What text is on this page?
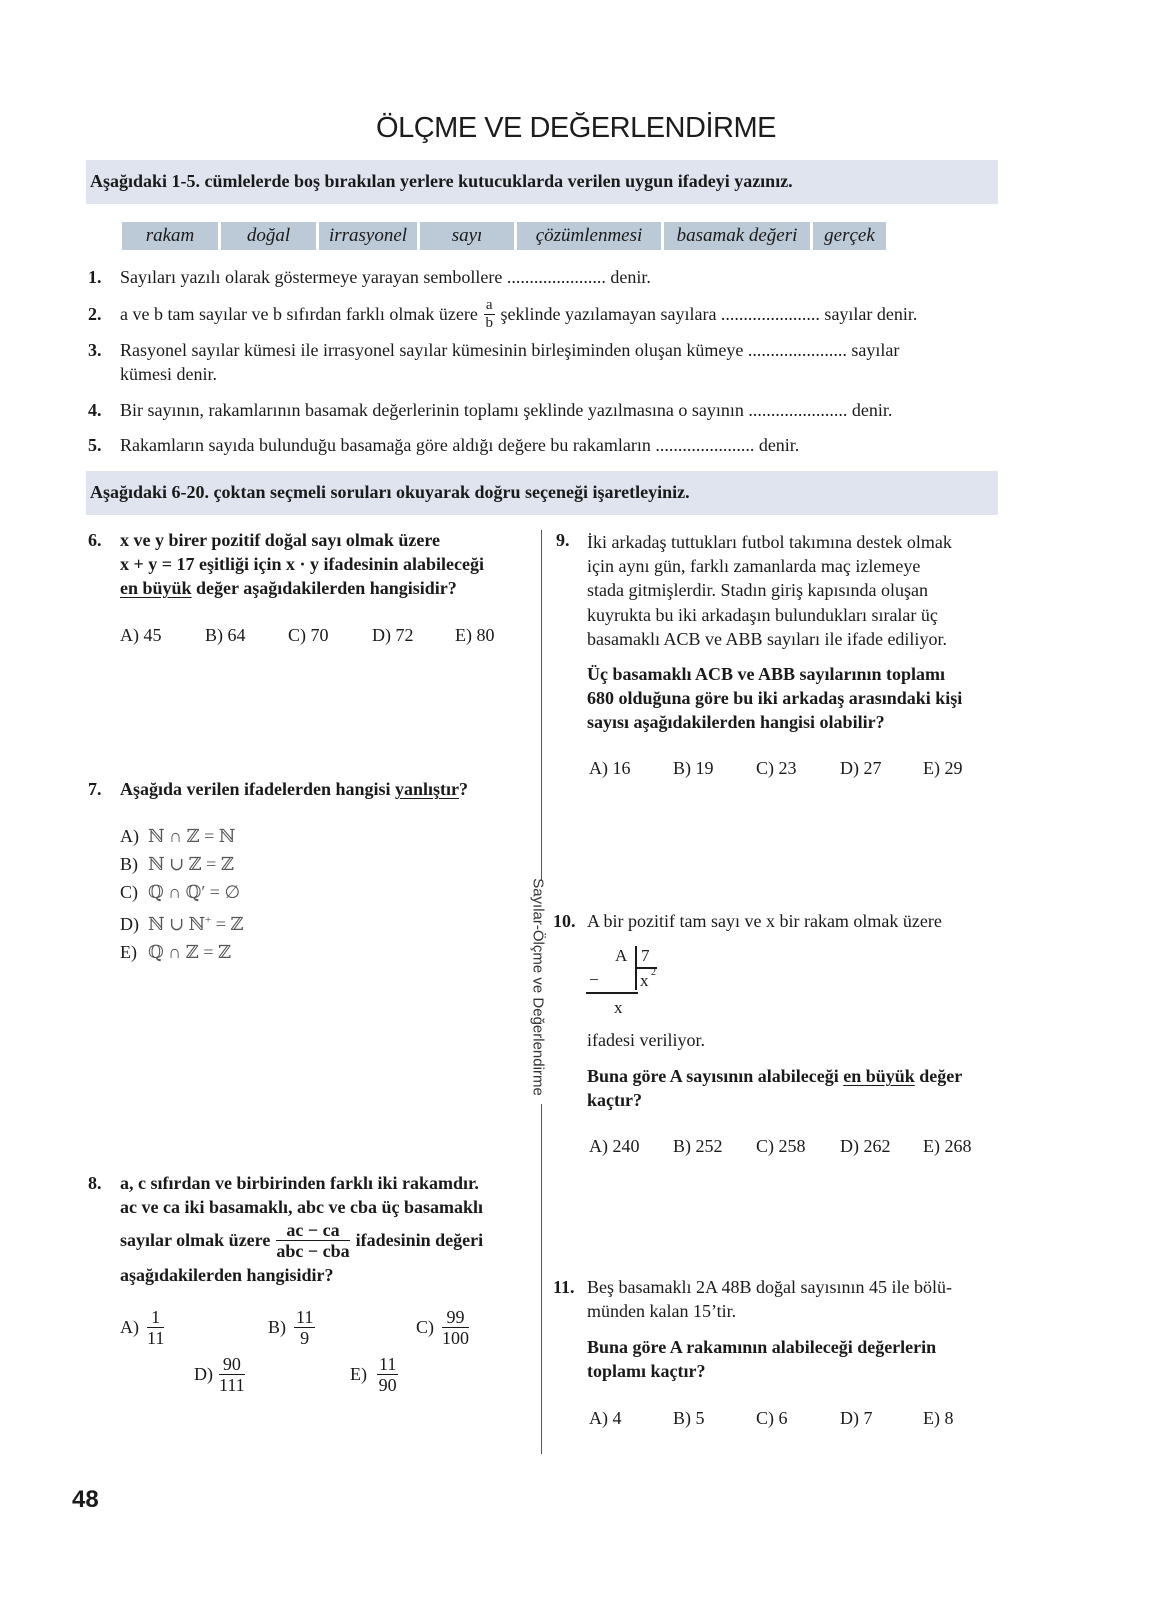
ÖLÇME VE DEĞERLENDİRME
Aşağıdaki 1-5. cümlelerde boş bırakılan yerlere kutucuklarda verilen uygun ifadeyi yazınız.
rakam	doğal	irrasyonel	sayı	çözümlenmesi	basamak değeri	gerçek
1. Sayıları yazılı olarak göstermeye yarayan sembollere ...................... denir.
2. a ve b tam sayılar ve b sıfırdan farklı olmak üzere $\frac{a}{b}$ şeklinde yazılamayan sayılara ...................... sayılar denir.
3. Rasyonel sayılar kümesi ile irrasyonel sayılar kümesinin birleşiminden oluşan kümeye ...................... sayılar
kümesi denir.
4. Bir sayının, rakamlarının basamak değerlerinin toplamı şeklinde yazılmasına o sayının ...................... denir.
5. Rakamların sayıda bulunduğu basamağa göre aldığı değere bu rakamların ...................... denir.
Aşağıdaki 6-20. çoktan seçmeli soruları okuyarak doğru seçeneği işaretleyiniz.
Sayılar-Ölçme ve Değerlendirme
6. x ve y birer pozitif doğal sayı olmak üzere
x + y = 17 eşitliği için x · y ifadesinin alabileceği
en büyük değer aşağıdakilerden hangisidir?
A) 45	B) 64	C) 70	D) 72	E) 80
7. Aşağıda verilen ifadelerden hangisi yanlıştır?
A) ℕ ∩ ℤ = ℕ
B) ℕ ∪ ℤ = ℤ
C) ℚ ∩ ℚ′ = ∅
D) ℕ ∪ ℕ+ = ℤ
E) ℚ ∩ ℤ = ℤ
8. a, c sıfırdan ve birbirinden farklı iki rakamdır.
ac ve ca iki basamaklı, abc ve cba üç basamaklı
sayılar olmak üzere $\frac{ac - ca}{\text{abc − cba}}$ ifadesinin değeri
aşağıdakilerden hangisidir?
$A) \frac{1}{11}$	$B) \frac{11}{9}$	$C) \frac{99}{100}$
$D) \frac{90}{111}$	$E) \frac{11}{90}$
9. İki arkadaş tuttukları futbol takımına destek olmak
için aynı gün, farklı zamanlarda maç izlemeye
stada gitmişlerdir. Stadın giriş kapısında oluşan
kuyrukta bu iki arkadaşın bulundukları sıralar üç
basamaklı ACB ve ABB sayıları ile ifade ediliyor.
Üç basamaklı ACB ve ABB sayılarının toplamı
680 olduğuna göre bu iki arkadaş arasındaki kişi
sayısı aşağıdakilerden hangisi olabilir?
A) 16	B) 19	C) 23	D) 27	E) 29
10. A bir pozitif tam sayı ve x bir rakam olmak üzere
A 7
x 2
−
x
ifadesi veriliyor.
Buna göre A sayısının alabileceği en büyük değer
kaçtır?
A) 240	B) 252	C) 258	D) 262	E) 268
11. Beş basamaklı 2A 48B doğal sayısının 45 ile bölü-
münden kalan 15’tir.
Buna göre A rakamının alabileceği değerlerin
toplamı kaçtır?
A) 4	B) 5	C) 6	D) 7	E) 8
48
